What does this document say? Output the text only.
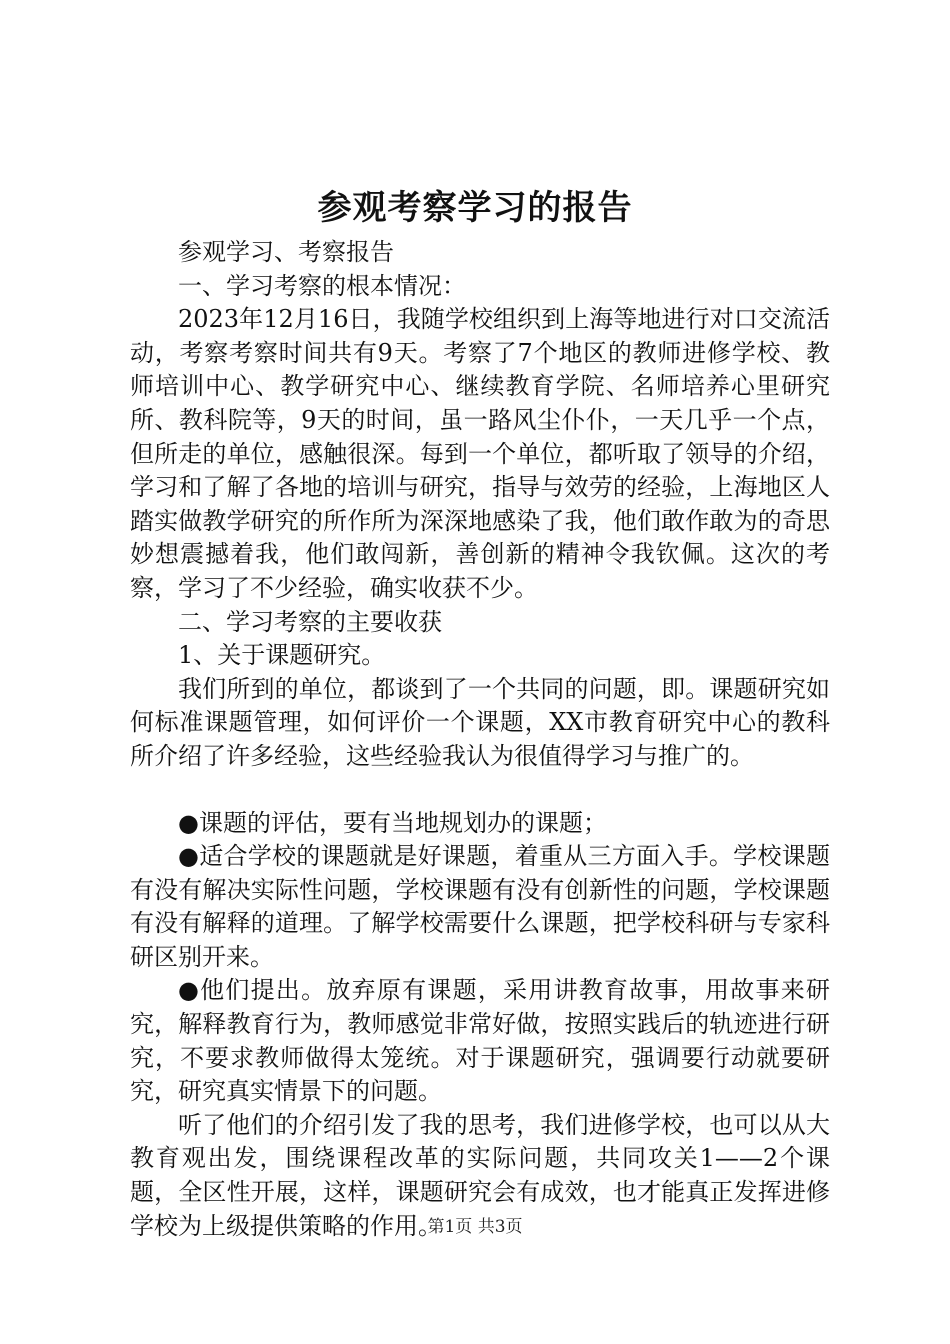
参观考察学习的报告

参观学习、考察报告

一、学习考察的根本情况：

2023年12月16日，我随学校组织到上海等地进行对口交流活动，考察考察时间共有9天。考察了7个地区的教师进修学校、教师培训中心、教学研究中心、继续教育学院、名师培养心里研究所、教科院等，9天的时间，虽一路风尘仆仆，一天几乎一个点，但所走的单位，感触很深。每到一个单位，都听取了领导的介绍，学习和了解了各地的培训与研究，指导与效劳的经验，上海地区人踏实做教学研究的所作所为深深地感染了我，他们敢作敢为的奇思妙想震撼着我，他们敢闯新，善创新的精神令我钦佩。这次的考察，学习了不少经验，确实收获不少。

二、学习考察的主要收获

1、关于课题研究。

我们所到的单位，都谈到了一个共同的问题，即。课题研究如何标准课题管理，如何评价一个课题，XX市教育研究中心的教科所介绍了许多经验，这些经验我认为很值得学习与推广的。

●课题的评估，要有当地规划办的课题；

●适合学校的课题就是好课题，着重从三方面入手。学校课题有没有解决实际性问题，学校课题有没有创新性的问题，学校课题有没有解释的道理。了解学校需要什么课题，把学校科研与专家科研区别开来。

●他们提出。放弃原有课题，采用讲教育故事，用故事来研究，解释教育行为，教师感觉非常好做，按照实践后的轨迹进行研究，不要求教师做得太笼统。对于课题研究，强调要行动就要研究，研究真实情景下的问题。

听了他们的介绍引发了我的思考，我们进修学校，也可以从大教育观出发，围绕课程改革的实际问题，共同攻关1——2个课题，全区性开展，这样，课题研究会有成效，也才能真正发挥进修学校为上级提供策略的作用。

第1页 共3页
